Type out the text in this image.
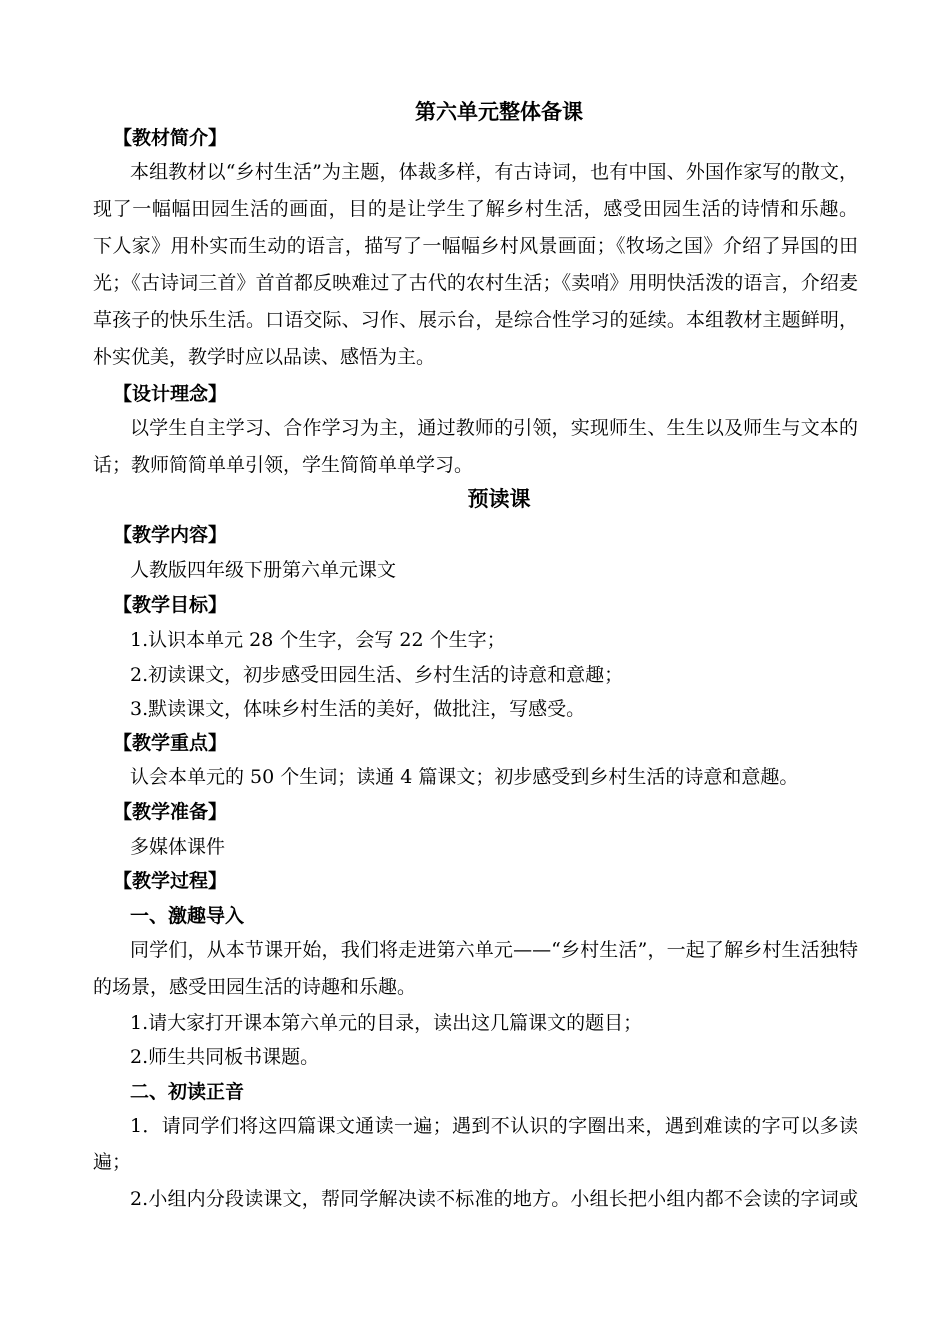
第六单元整体备课
【教材简介】
本组教材以“乡村生活”为主题，体裁多样，有古诗词，也有中国、外国作家写的散文，
现了一幅幅田园生活的画面，目的是让学生了解乡村生活，感受田园生活的诗情和乐趣。
下人家》用朴实而生动的语言，描写了一幅幅乡村风景画面；《牧场之国》介绍了异国的田
光；《古诗词三首》首首都反映难过了古代的农村生活；《卖哨》用明快活泼的语言，介绍麦
草孩子的快乐生活。口语交际、习作、展示台，是综合性学习的延续。本组教材主题鲜明，
朴实优美，教学时应以品读、感悟为主。
【设计理念】
以学生自主学习、合作学习为主，通过教师的引领，实现师生、生生以及师生与文本的
话；教师简简单单引领，学生简简单单学习。
预读课
【教学内容】
人教版四年级下册第六单元课文
【教学目标】
1.认识本单元 28 个生字，会写 22 个生字；
2.初读课文，初步感受田园生活、乡村生活的诗意和意趣；
3.默读课文，体味乡村生活的美好，做批注，写感受。
【教学重点】
认会本单元的 50 个生词；读通 4 篇课文；初步感受到乡村生活的诗意和意趣。
【教学准备】
多媒体课件
【教学过程】
一、激趣导入
同学们，从本节课开始，我们将走进第六单元——“乡村生活”，一起了解乡村生活独特
的场景，感受田园生活的诗趣和乐趣。
1.请大家打开课本第六单元的目录，读出这几篇课文的题目；
2.师生共同板书课题。
二、初读正音
1．请同学们将这四篇课文通读一遍；遇到不认识的字圈出来，遇到难读的字可以多读
遍；
2.小组内分段读课文，帮同学解决读不标准的地方。小组长把小组内都不会读的字词或
